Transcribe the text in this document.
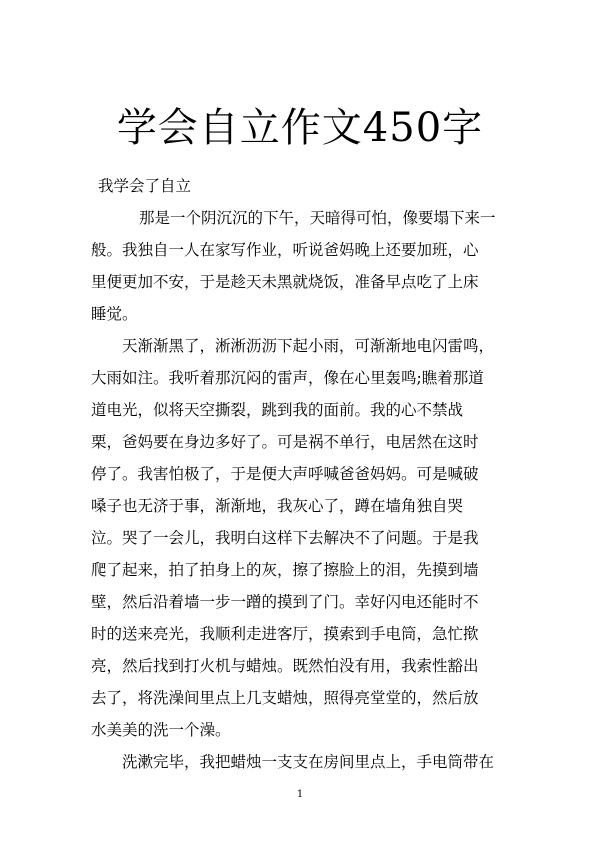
学会自立作文450字

我学会了自立

那是一个阴沉沉的下午，天暗得可怕，像要塌下来一

般。我独自一人在家写作业，听说爸妈晚上还要加班，心

里便更加不安，于是趁天未黑就烧饭，准备早点吃了上床

睡觉。

天渐渐黑了，淅淅沥沥下起小雨，可渐渐地电闪雷鸣，

大雨如注。我听着那沉闷的雷声，像在心里轰鸣;瞧着那道

道电光，似将天空撕裂，跳到我的面前。我的心不禁战

栗，爸妈要在身边多好了。可是祸不单行，电居然在这时

停了。我害怕极了，于是便大声呼喊爸爸妈妈。可是喊破

嗓子也无济于事，渐渐地，我灰心了，蹲在墙角独自哭

泣。哭了一会儿，我明白这样下去解决不了问题。于是我

爬了起来，拍了拍身上的灰，擦了擦脸上的泪，先摸到墙

壁，然后沿着墙一步一蹭的摸到了门。幸好闪电还能时不

时的送来亮光，我顺利走进客厅，摸索到手电筒，急忙揿

亮，然后找到打火机与蜡烛。既然怕没有用，我索性豁出

去了，将洗澡间里点上几支蜡烛，照得亮堂堂的，然后放

水美美的洗一个澡。

洗漱完毕，我把蜡烛一支支在房间里点上，手电筒带在

1
